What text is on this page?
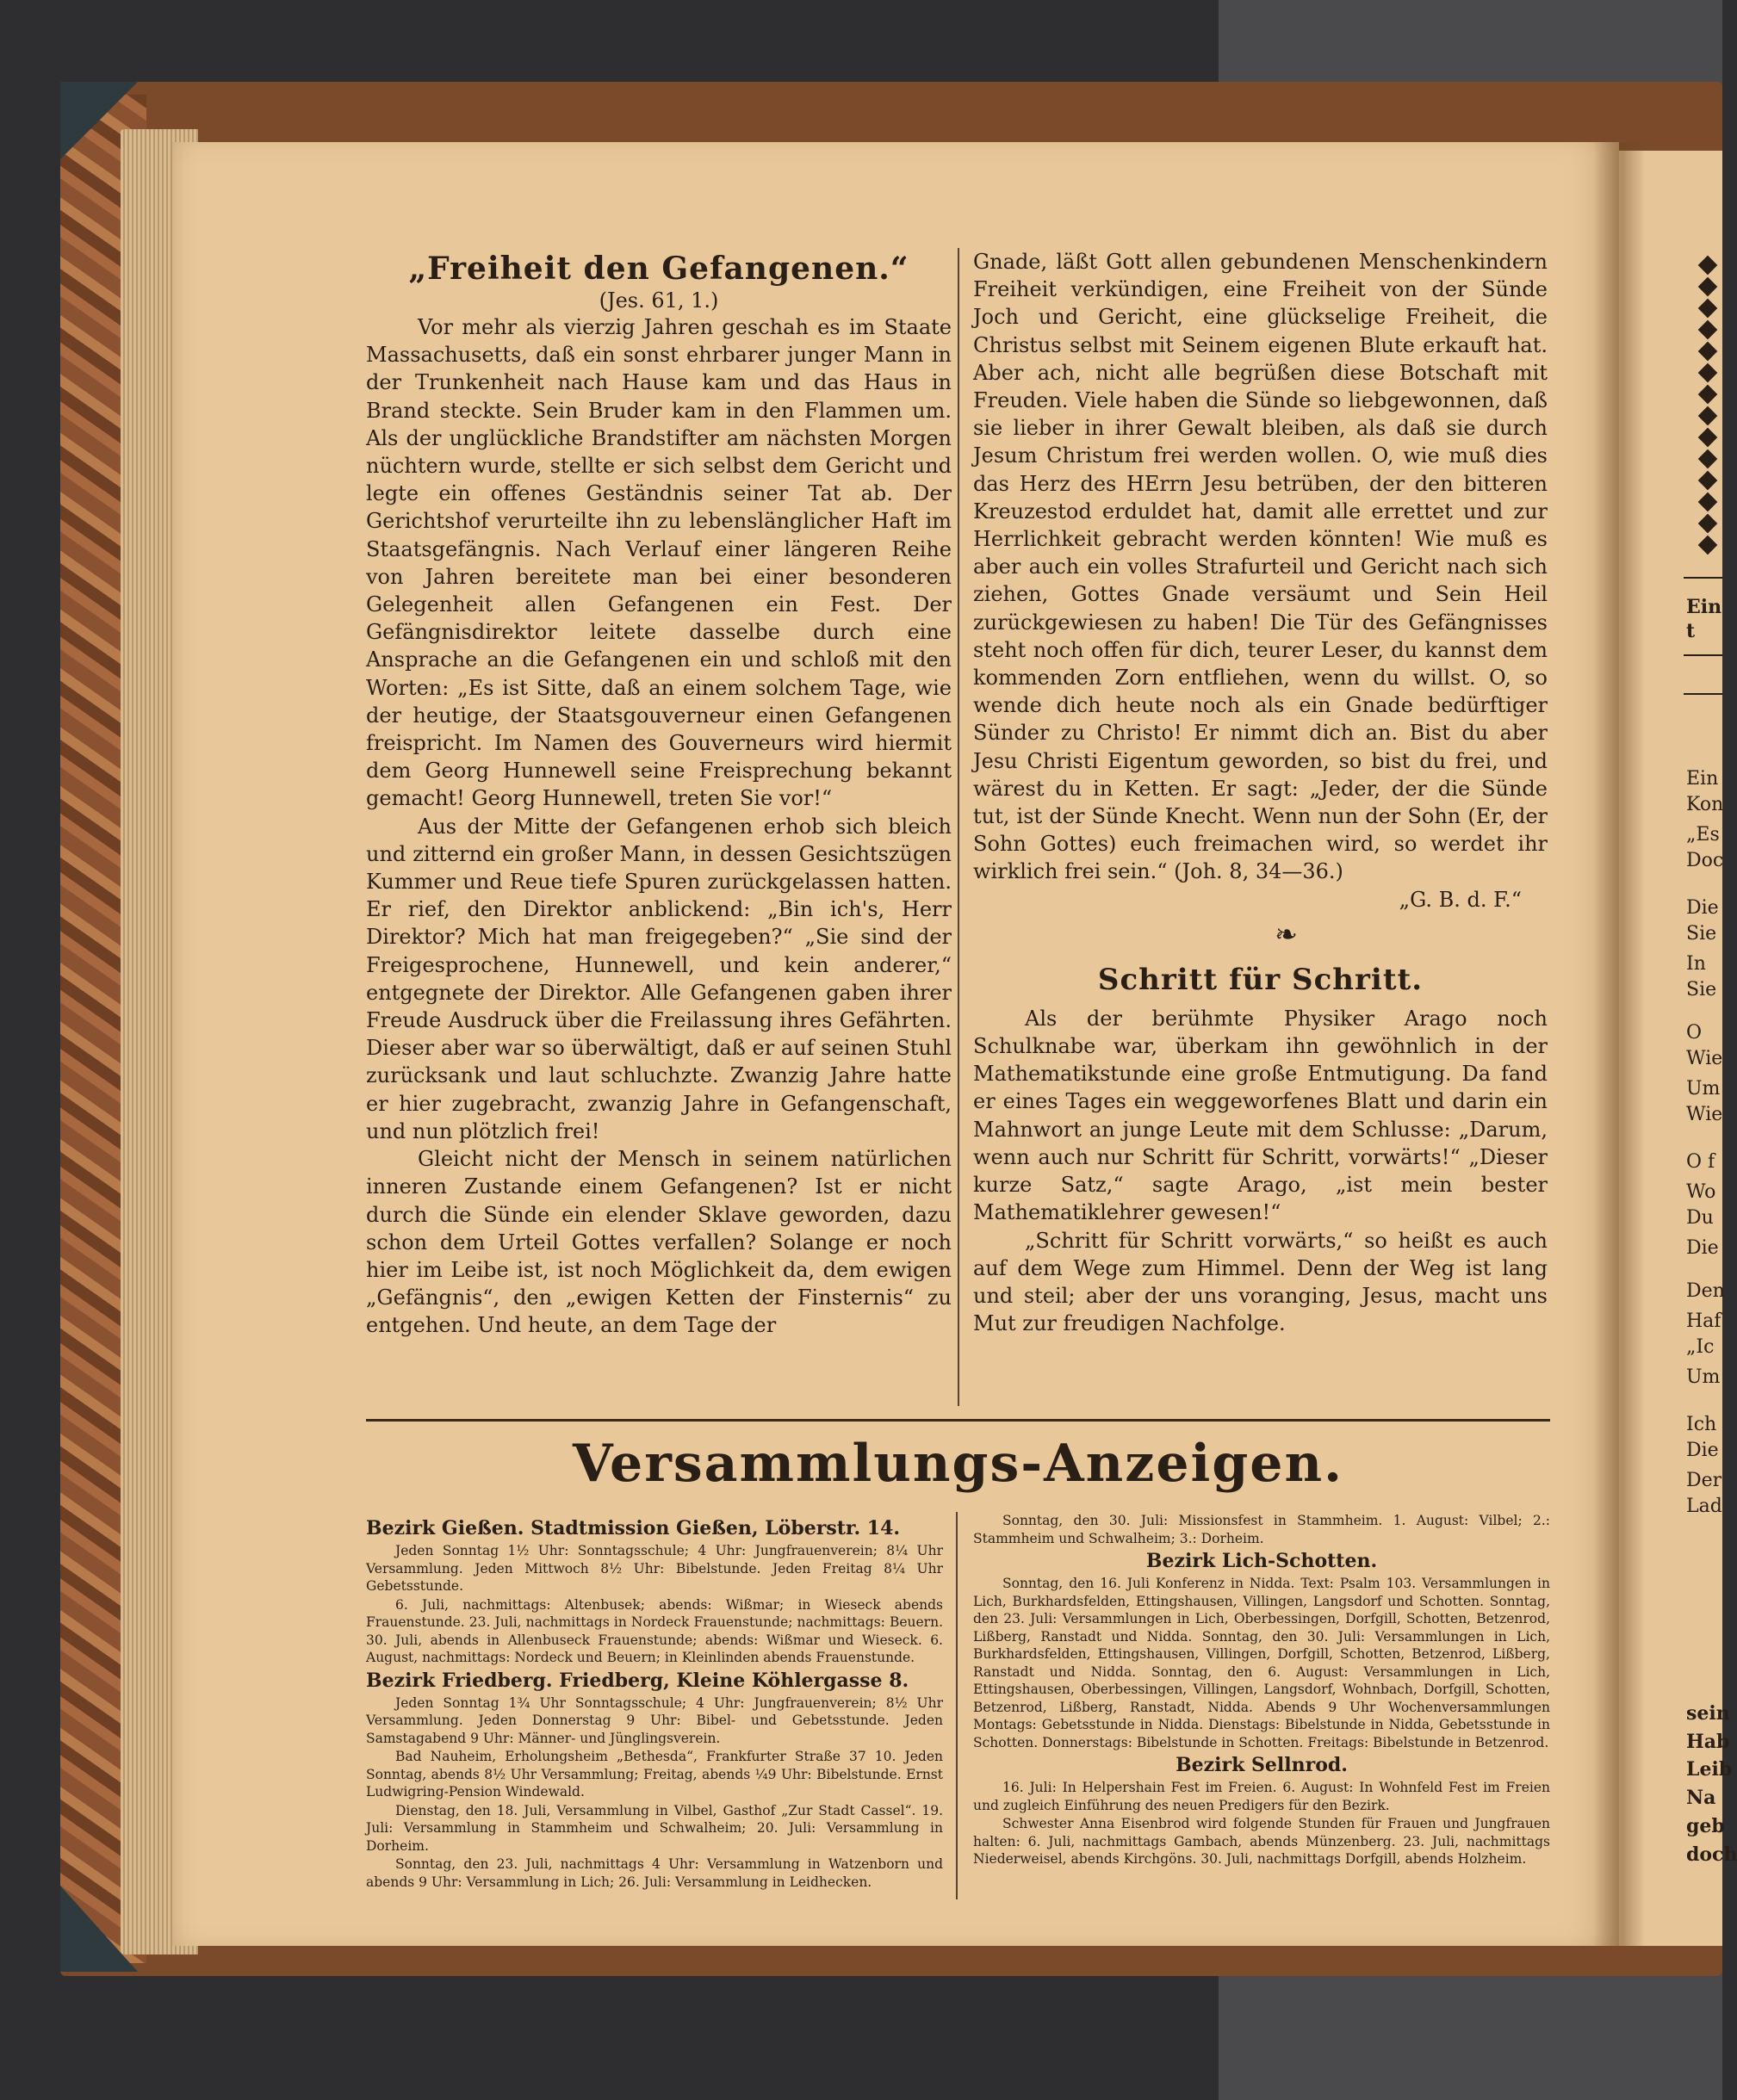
„Freiheit den Gefangenen.“

(Jes. 61, 1.)

Vor mehr als vierzig Jahren geschah es im Staate Massachusetts, daß ein sonst ehrbarer junger Mann in der Trunkenheit nach Hause kam und das Haus in Brand steckte. Sein Bruder kam in den Flammen um. Als der unglückliche Brandstifter am nächsten Morgen nüchtern wurde, stellte er sich selbst dem Gericht und legte ein offenes Geständnis seiner Tat ab. Der Gerichtshof verurteilte ihn zu lebenslänglicher Haft im Staatsgefängnis. Nach Verlauf einer längeren Reihe von Jahren bereitete man bei einer besonderen Gelegenheit allen Gefangenen ein Fest. Der Gefängnisdirektor leitete dasselbe durch eine Ansprache an die Gefangenen ein und schloß mit den Worten: „Es ist Sitte, daß an einem solchem Tage, wie der heutige, der Staatsgouverneur einen Gefangenen freispricht. Im Namen des Gouverneurs wird hiermit dem Georg Hunnewell seine Freisprechung bekannt gemacht! Georg Hunnewell, treten Sie vor!“

Aus der Mitte der Gefangenen erhob sich bleich und zitternd ein großer Mann, in dessen Gesichtszügen Kummer und Reue tiefe Spuren zurückgelassen hatten. Er rief, den Direktor anblickend: „Bin ich's, Herr Direktor? Mich hat man freigegeben?“ „Sie sind der Freigesprochene, Hunnewell, und kein anderer,“ entgegnete der Direktor. Alle Gefangenen gaben ihrer Freude Ausdruck über die Freilassung ihres Gefährten. Dieser aber war so überwältigt, daß er auf seinen Stuhl zurücksank und laut schluchzte. Zwanzig Jahre hatte er hier zugebracht, zwanzig Jahre in Gefangenschaft, und nun plötzlich frei!

Gleicht nicht der Mensch in seinem natürlichen inneren Zustande einem Gefangenen? Ist er nicht durch die Sünde ein elender Sklave geworden, dazu schon dem Urteil Gottes verfallen? Solange er noch hier im Leibe ist, ist noch Möglichkeit da, dem ewigen „Gefängnis“, den „ewigen Ketten der Finsternis“ zu entgehen. Und heute, an dem Tage der

Gnade, läßt Gott allen gebundenen Menschenkindern Freiheit verkündigen, eine Freiheit von der Sünde Joch und Gericht, eine glückselige Freiheit, die Christus selbst mit Seinem eigenen Blute erkauft hat. Aber ach, nicht alle begrüßen diese Botschaft mit Freuden. Viele haben die Sünde so liebgewonnen, daß sie lieber in ihrer Gewalt bleiben, als daß sie durch Jesum Christum frei werden wollen. O, wie muß dies das Herz des HErrn Jesu betrüben, der den bitteren Kreuzestod erduldet hat, damit alle errettet und zur Herrlichkeit gebracht werden könnten! Wie muß es aber auch ein volles Strafurteil und Gericht nach sich ziehen, Gottes Gnade versäumt und Sein Heil zurückgewiesen zu haben! Die Tür des Gefängnisses steht noch offen für dich, teurer Leser, du kannst dem kommenden Zorn entfliehen, wenn du willst. O, so wende dich heute noch als ein Gnade bedürftiger Sünder zu Christo! Er nimmt dich an. Bist du aber Jesu Christi Eigentum geworden, so bist du frei, und wärest du in Ketten. Er sagt: „Jeder, der die Sünde tut, ist der Sünde Knecht. Wenn nun der Sohn (Er, der Sohn Gottes) euch freimachen wird, so werdet ihr wirklich frei sein.“ (Joh. 8, 34—36.)

„G. B. d. F.“

❧

Schritt für Schritt.

Als der berühmte Physiker Arago noch Schulknabe war, überkam ihn gewöhnlich in der Mathematikstunde eine große Entmutigung. Da fand er eines Tages ein weggeworfenes Blatt und darin ein Mahnwort an junge Leute mit dem Schlusse: „Darum, wenn auch nur Schritt für Schritt, vorwärts!“ „Dieser kurze Satz,“ sagte Arago, „ist mein bester Mathematiklehrer gewesen!“

„Schritt für Schritt vorwärts,“ so heißt es auch auf dem Wege zum Himmel. Denn der Weg ist lang und steil; aber der uns voranging, Jesus, macht uns Mut zur freudigen Nachfolge.

Versammlungs-Anzeigen.

Bezirk Gießen. Stadtmission Gießen, Löberstr. 14.

Jeden Sonntag 1½ Uhr: Sonntagsschule; 4 Uhr: Jungfrauenverein; 8¼ Uhr Versammlung. Jeden Mittwoch 8½ Uhr: Bibelstunde. Jeden Freitag 8¼ Uhr Gebetsstunde.

6. Juli, nachmittags: Altenbusek; abends: Wißmar; in Wieseck abends Frauenstunde. 23. Juli, nachmittags in Nordeck Frauenstunde; nachmittags: Beuern. 30. Juli, abends in Allenbuseck Frauenstunde; abends: Wißmar und Wieseck. 6. August, nachmittags: Nordeck und Beuern; in Kleinlinden abends Frauenstunde.

Bezirk Friedberg. Friedberg, Kleine Köhlergasse 8.

Jeden Sonntag 1¾ Uhr Sonntagsschule; 4 Uhr: Jungfrauenverein; 8½ Uhr Versammlung. Jeden Donnerstag 9 Uhr: Bibel- und Gebetsstunde. Jeden Samstagabend 9 Uhr: Männer- und Jünglingsverein.

Bad Nauheim, Erholungsheim „Bethesda“, Frankfurter Straße 37 10. Jeden Sonntag, abends 8½ Uhr Versammlung; Freitag, abends ¼9 Uhr: Bibelstunde. Ernst Ludwigring-Pension Windewald.

Dienstag, den 18. Juli, Versammlung in Vilbel, Gasthof „Zur Stadt Cassel“. 19. Juli: Versammlung in Stammheim und Schwalheim; 20. Juli: Versammlung in Dorheim.

Sonntag, den 23. Juli, nachmittags 4 Uhr: Versammlung in Watzenborn und abends 9 Uhr: Versammlung in Lich; 26. Juli: Versammlung in Leidhecken.

Sonntag, den 30. Juli: Missionsfest in Stammheim. 1. August: Vilbel; 2.: Stammheim und Schwalheim; 3.: Dorheim.

Bezirk Lich-Schotten.

Sonntag, den 16. Juli Konferenz in Nidda. Text: Psalm 103. Versammlungen in Lich, Burkhardsfelden, Ettingshausen, Villingen, Langsdorf und Schotten. Sonntag, den 23. Juli: Versammlungen in Lich, Oberbessingen, Dorfgill, Schotten, Betzenrod, Lißberg, Ranstadt und Nidda. Sonntag, den 30. Juli: Versammlungen in Lich, Burkhardsfelden, Ettingshausen, Villingen, Dorfgill, Schotten, Betzenrod, Lißberg, Ranstadt und Nidda. Sonntag, den 6. August: Versammlungen in Lich, Ettingshausen, Oberbessingen, Villingen, Langsdorf, Wohnbach, Dorfgill, Schotten, Betzenrod, Lißberg, Ranstadt, Nidda. Abends 9 Uhr Wochenversammlungen Montags: Gebetsstunde in Nidda. Dienstags: Bibelstunde in Nidda, Gebetsstunde in Schotten. Donnerstags: Bibelstunde in Schotten. Freitags: Bibelstunde in Betzenrod.

Bezirk Sellnrod.

16. Juli: In Helpershain Fest im Freien. 6. August: In Wohnfeld Fest im Freien und zugleich Einführung des neuen Predigers für den Bezirk.

Schwester Anna Eisenbrod wird folgende Stunden für Frauen und Jungfrauen halten: 6. Juli, nachmittags Gambach, abends Münzenberg. 23. Juli, nachmittags Niederweisel, abends Kirchgöns. 30. Juli, nachmittags Dorfgill, abends Holzheim.

Ein
t
Ein
Kon
„Es
Doc
Die
Sie
In
Sie
O
Wie
Um
Wie
O f
Wo
Du
Die
Den
Haf
„Ic
Um
Ich
Die
Der
Lad
sein
Hab
Leib
Na
geb
doch
